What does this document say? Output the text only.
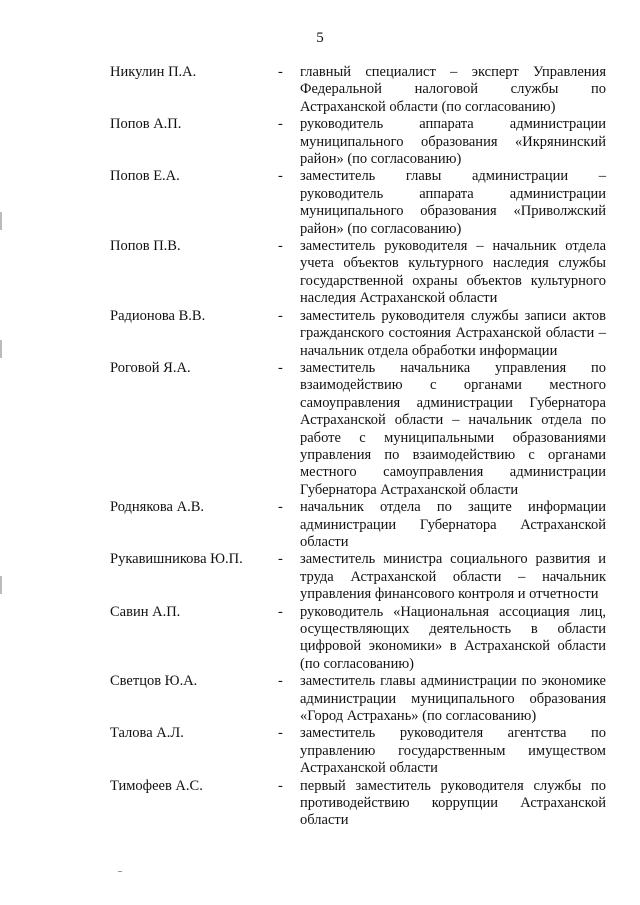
5
Никулин П.А.	-	главный специалист – эксперт Управления Федеральной налоговой службы по Астраханской области (по согласованию)
Попов А.П.	-	руководитель аппарата администрации муниципального образования «Икрянинский район» (по согласованию)
Попов Е.А.	-	заместитель главы администрации – руководитель аппарата администрации муниципального образования «Приволжский район» (по согласованию)
Попов П.В.	-	заместитель руководителя – начальник отдела учета объектов культурного наследия службы государственной охраны объектов культурного наследия Астраханской области
Радионова В.В.	-	заместитель руководителя службы записи актов гражданского состояния Астраханской области – начальник отдела обработки информации
Роговой Я.А.	-	заместитель начальника управления по взаимодействию с органами местного самоуправления администрации Губернатора Астраханской области – начальник отдела по работе с муниципальными образованиями управления по взаимодействию с органами местного самоуправления администрации Губернатора Астраханской области
Роднякова А.В.	-	начальник отдела по защите информации администрации Губернатора Астраханской области
Рукавишникова Ю.П.	-	заместитель министра социального развития и труда Астраханской области – начальник управления финансового контроля и отчетности
Савин А.П.	-	руководитель «Национальная ассоциация лиц, осуществляющих деятельность в области цифровой экономики» в Астраханской области (по согласованию)
Светцов Ю.А.	-	заместитель главы администрации по экономике администрации муниципального образования «Город Астрахань» (по согласованию)
Талова А.Л.	-	заместитель руководителя агентства по управлению государственным имуществом Астраханской области
Тимофеев А.С.	-	первый заместитель руководителя службы по противодействию коррупции Астраханской области
